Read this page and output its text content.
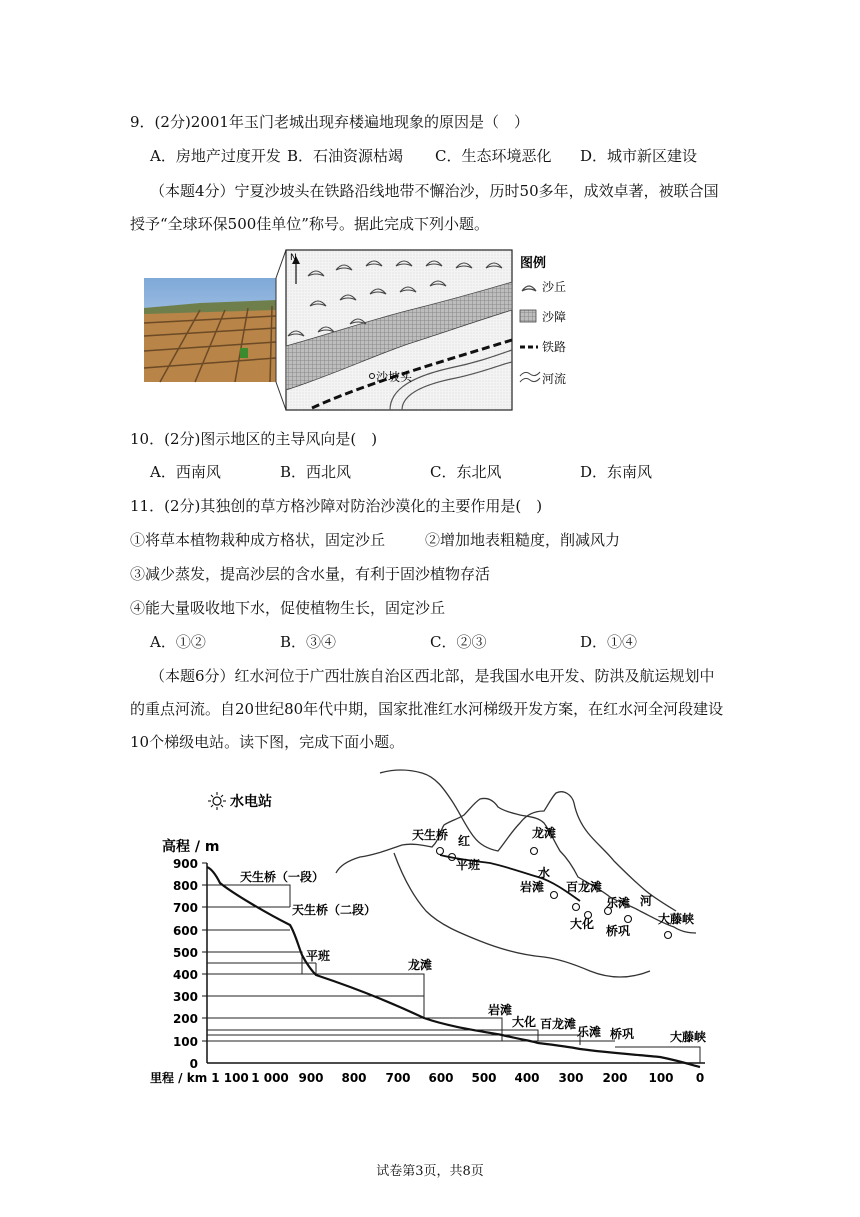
9．(2分)2001年玉门老城出现弃楼遍地现象的原因是（　）
A．房地产过度开发 B．石油资源枯竭 C．生态环境恶化 D．城市新区建设
（本题4分）宁夏沙坡头在铁路沿线地带不懈治沙，历时50多年，成效卓著，被联合国
授予“全球环保500佳单位”称号。据此完成下列小题。
N
沙坡头
图例
沙丘
沙障
铁路
河流
10．(2分)图示地区的主导风向是(　)
A．西南风	B．西北风	C．东北风	D．东南风
11．(2分)其独创的草方格沙障对防治沙漠化的主要作用是(　)
①将草本植物栽种成方格状，固定沙丘	②增加地表粗糙度，削减风力
③减少蒸发，提高沙层的含水量，有利于固沙植物存活
④能大量吸收地下水，促使植物生长，固定沙丘
A．①②	B．③④	C．②③	D．①④
（本题6分）红水河位于广西壮族自治区西北部，是我国水电开发、防洪及航运规划中
的重点河流。自20世纪80年代中期，国家批准红水河梯级开发方案，在红水河全河段建设
10个梯级电站。读下图，完成下面小题。
水电站
高程 / m
里程 / km
900
800
700
600
500
400
300
200
100
0
1 100 1 000 900 800 700 600 500 400 300 200 100 0
天生桥（一段）
天生桥（二段）
平班
龙滩
岩滩
大化 百龙滩
乐滩 桥巩	大藤峡
天生桥
平班
龙滩
岩滩 百龙滩
乐滩
大化 桥巩
大藤峡
红
水
河
试卷第3页，共8页
